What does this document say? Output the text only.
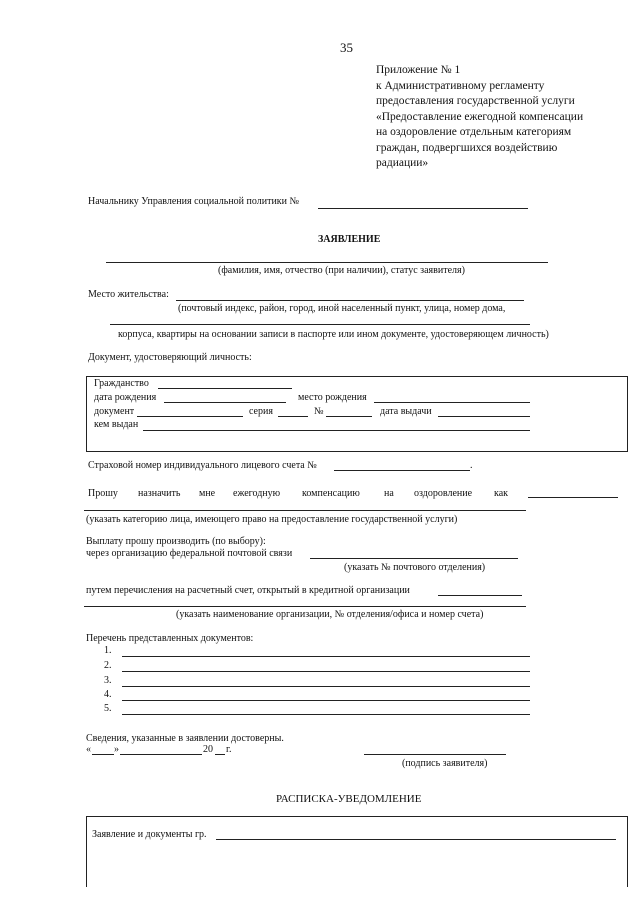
35
Приложение № 1
к Административному регламенту
предоставления государственной услуги
«Предоставление ежегодной компенсации
на оздоровление отдельным категориям
граждан, подвергшихся воздействию
радиации»
Начальнику Управления социальной политики №
ЗАЯВЛЕНИЕ
(фамилия, имя, отчество (при наличии), статус заявителя)
Место жительства:
(почтовый индекс, район, город, иной населенный пункт, улица, номер дома,
корпуса, квартиры на основании записи в паспорте или ином документе, удостоверяющем личность)
Документ, удостоверяющий личность:
Гражданство
дата рождения	место рождения
документ	серия	№	дата выдачи
кем выдан
Страховой номер индивидуального лицевого счета №	.
Прошу назначить мне ежегодную компенсацию на оздоровление как
(указать категорию лица, имеющего право на предоставление государственной услуги)
Выплату прошу производить (по выбору):
через организацию федеральной почтовой связи
(указать № почтового отделения)
путем перечисления на расчетный счет, открытый в кредитной организации
(указать наименование организации, № отделения/офиса и номер счета)
Перечень представленных документов:
1.
2.
3.
4.
5.
Сведения, указанные в заявлении достоверны.
« »	20 г.
(подпись заявителя)
РАСПИСКА-УВЕДОМЛЕНИЕ
Заявление и документы гр.
